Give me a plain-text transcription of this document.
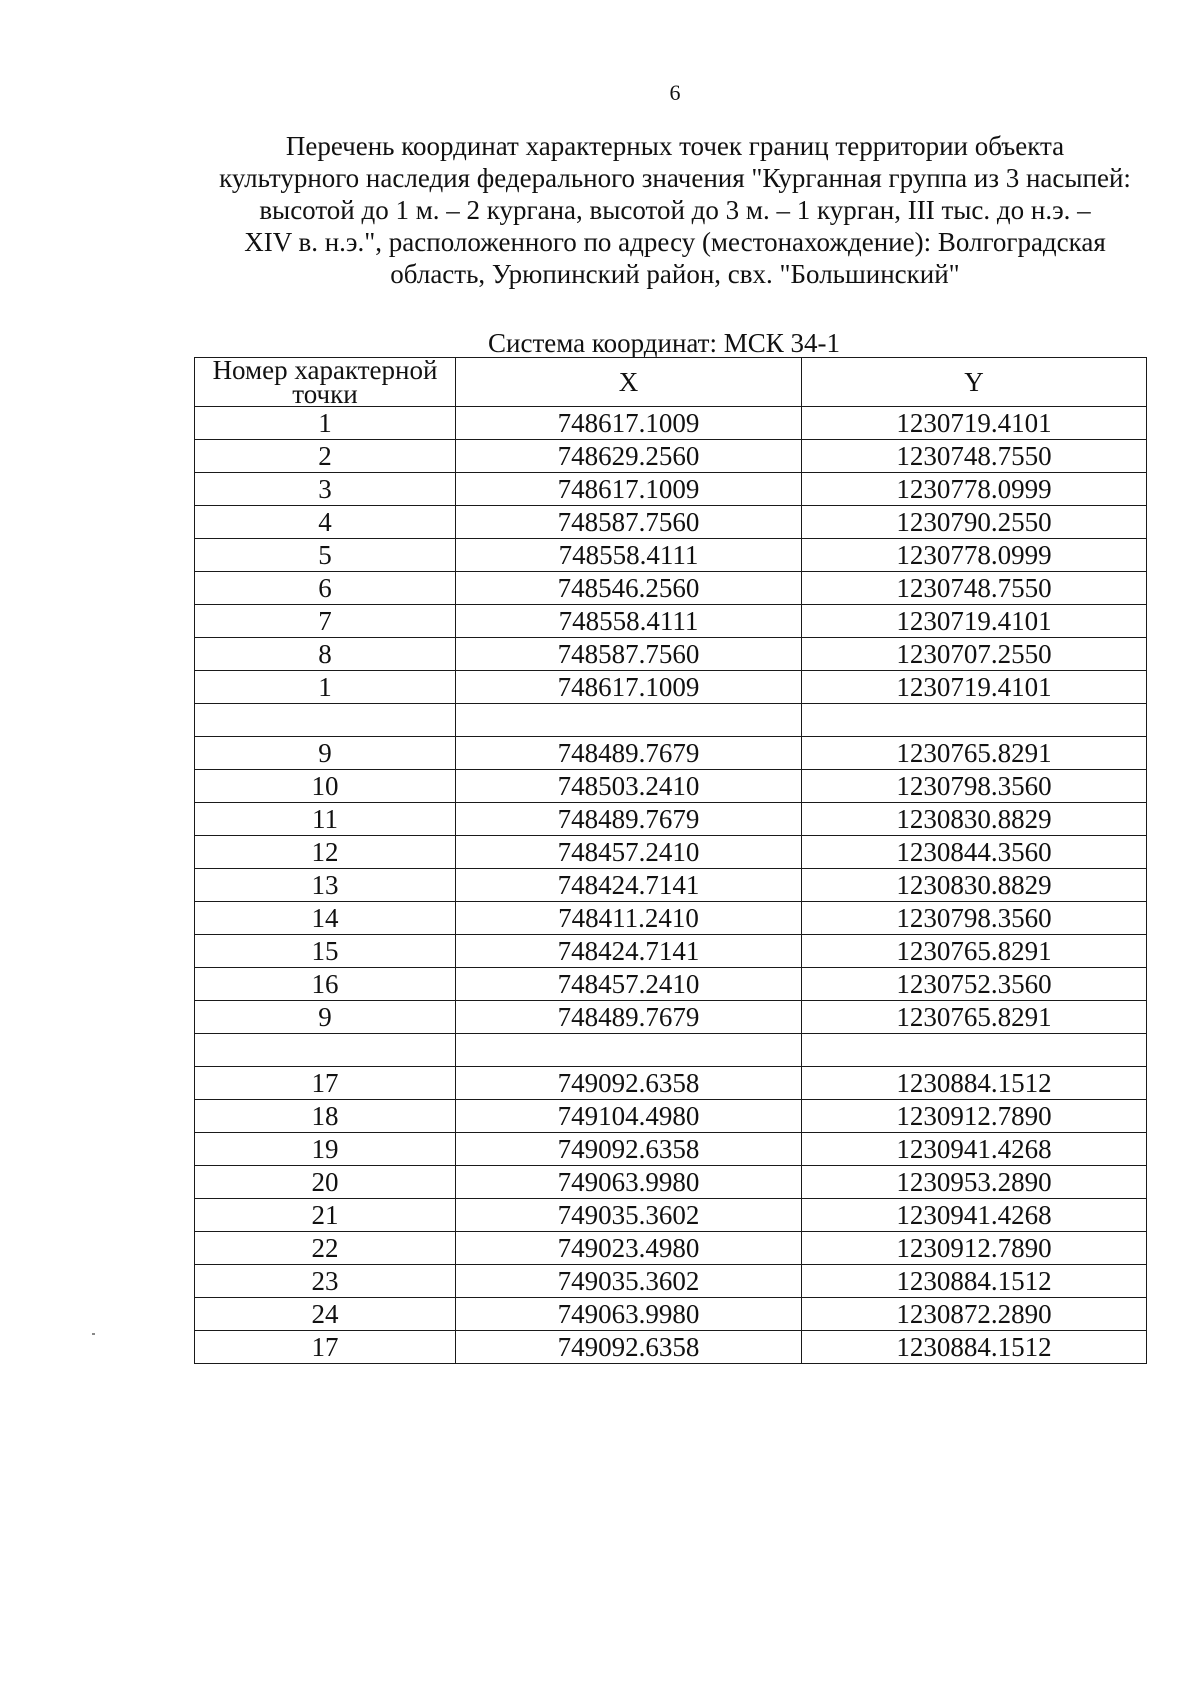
6
Перечень координат характерных точек границ территории объекта
культурного наследия федерального значения "Курганная группа из 3 насыпей:
высотой до 1 м. – 2 кургана, высотой до 3 м. – 1 курган, III тыс. до н.э. –
XIV в. н.э.", расположенного по адресу (местонахождение): Волгоградская
область, Урюпинский район, свх. "Большинский"
Система координат: МСК 34-1
Номер характерной точки	X	Y
1	748617.1009	1230719.4101
2	748629.2560	1230748.7550
3	748617.1009	1230778.0999
4	748587.7560	1230790.2550
5	748558.4111	1230778.0999
6	748546.2560	1230748.7550
7	748558.4111	1230719.4101
8	748587.7560	1230707.2550
1	748617.1009	1230719.4101

9	748489.7679	1230765.8291
10	748503.2410	1230798.3560
11	748489.7679	1230830.8829
12	748457.2410	1230844.3560
13	748424.7141	1230830.8829
14	748411.2410	1230798.3560
15	748424.7141	1230765.8291
16	748457.2410	1230752.3560
9	748489.7679	1230765.8291

17	749092.6358	1230884.1512
18	749104.4980	1230912.7890
19	749092.6358	1230941.4268
20	749063.9980	1230953.2890
21	749035.3602	1230941.4268
22	749023.4980	1230912.7890
23	749035.3602	1230884.1512
24	749063.9980	1230872.2890
17	749092.6358	1230884.1512
